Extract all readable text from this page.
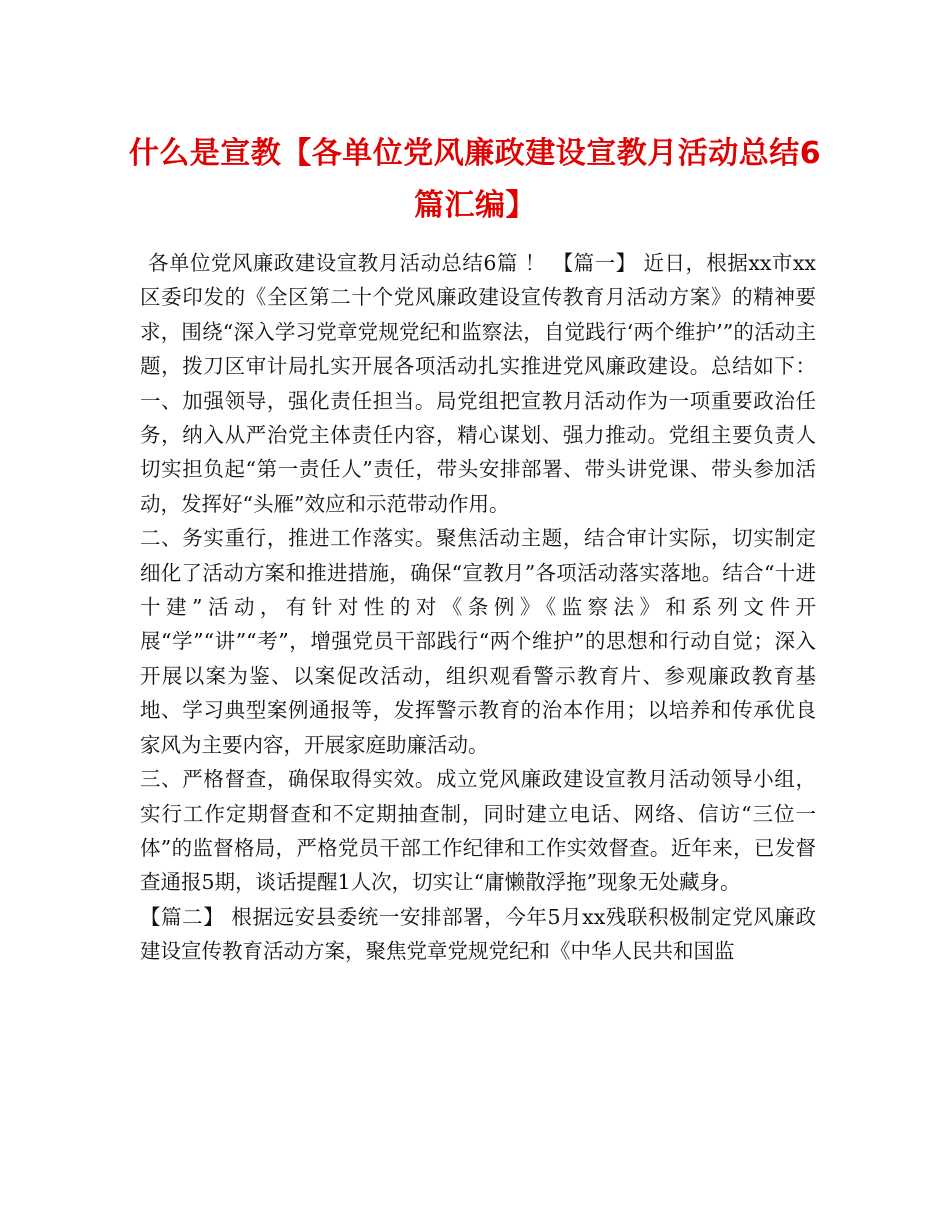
什么是宣教【各单位党风廉政建设宣教月活动总结6篇汇编】

各单位党风廉政建设宣教月活动总结6篇 ！ 【篇一】 近日，根据xx市xx区委印发的《全区第二十个党风廉政建设宣传教育月活动方案》的精神要求，围绕“深入学习党章党规党纪和监察法，自觉践行‘两个维护’”的活动主题，拨刀区审计局扎实开展各项活动扎实推进党风廉政建设。总结如下： 一、加强领导，强化责任担当。局党组把宣教月活动作为一项重要政治任务，纳入从严治党主体责任内容，精心谋划、强力推动。党组主要负责人切实担负起“第一责任人”责任，带头安排部署、带头讲党课、带头参加活动，发挥好“头雁”效应和示范带动作用。

二、务实重行，推进工作落实。聚焦活动主题，结合审计实际，切实制定细化了活动方案和推进措施，确保“宣教月”各项活动落实落地。结合“十进十建”活动，有针对性的对《条例》《监察法》和系列文件开展“学”“讲”“考”，增强党员干部践行“两个维护”的思想和行动自觉；深入开展以案为鉴、以案促改活动，组织观看警示教育片、参观廉政教育基地、学习典型案例通报等，发挥警示教育的治本作用；以培养和传承优良家风为主要内容，开展家庭助廉活动。

三、严格督查，确保取得实效。成立党风廉政建设宣教月活动领导小组，实行工作定期督查和不定期抽查制，同时建立电话、网络、信访“三位一体”的监督格局，严格党员干部工作纪律和工作实效督查。近年来，已发督查通报5期，谈话提醒1人次，切实让“庸懒散浮拖”现象无处藏身。

【篇二】 根据远安县委统一安排部署，今年5月xx残联积极制定党风廉政建设宣传教育活动方案，聚焦党章党规党纪和《中华人民共和国监
